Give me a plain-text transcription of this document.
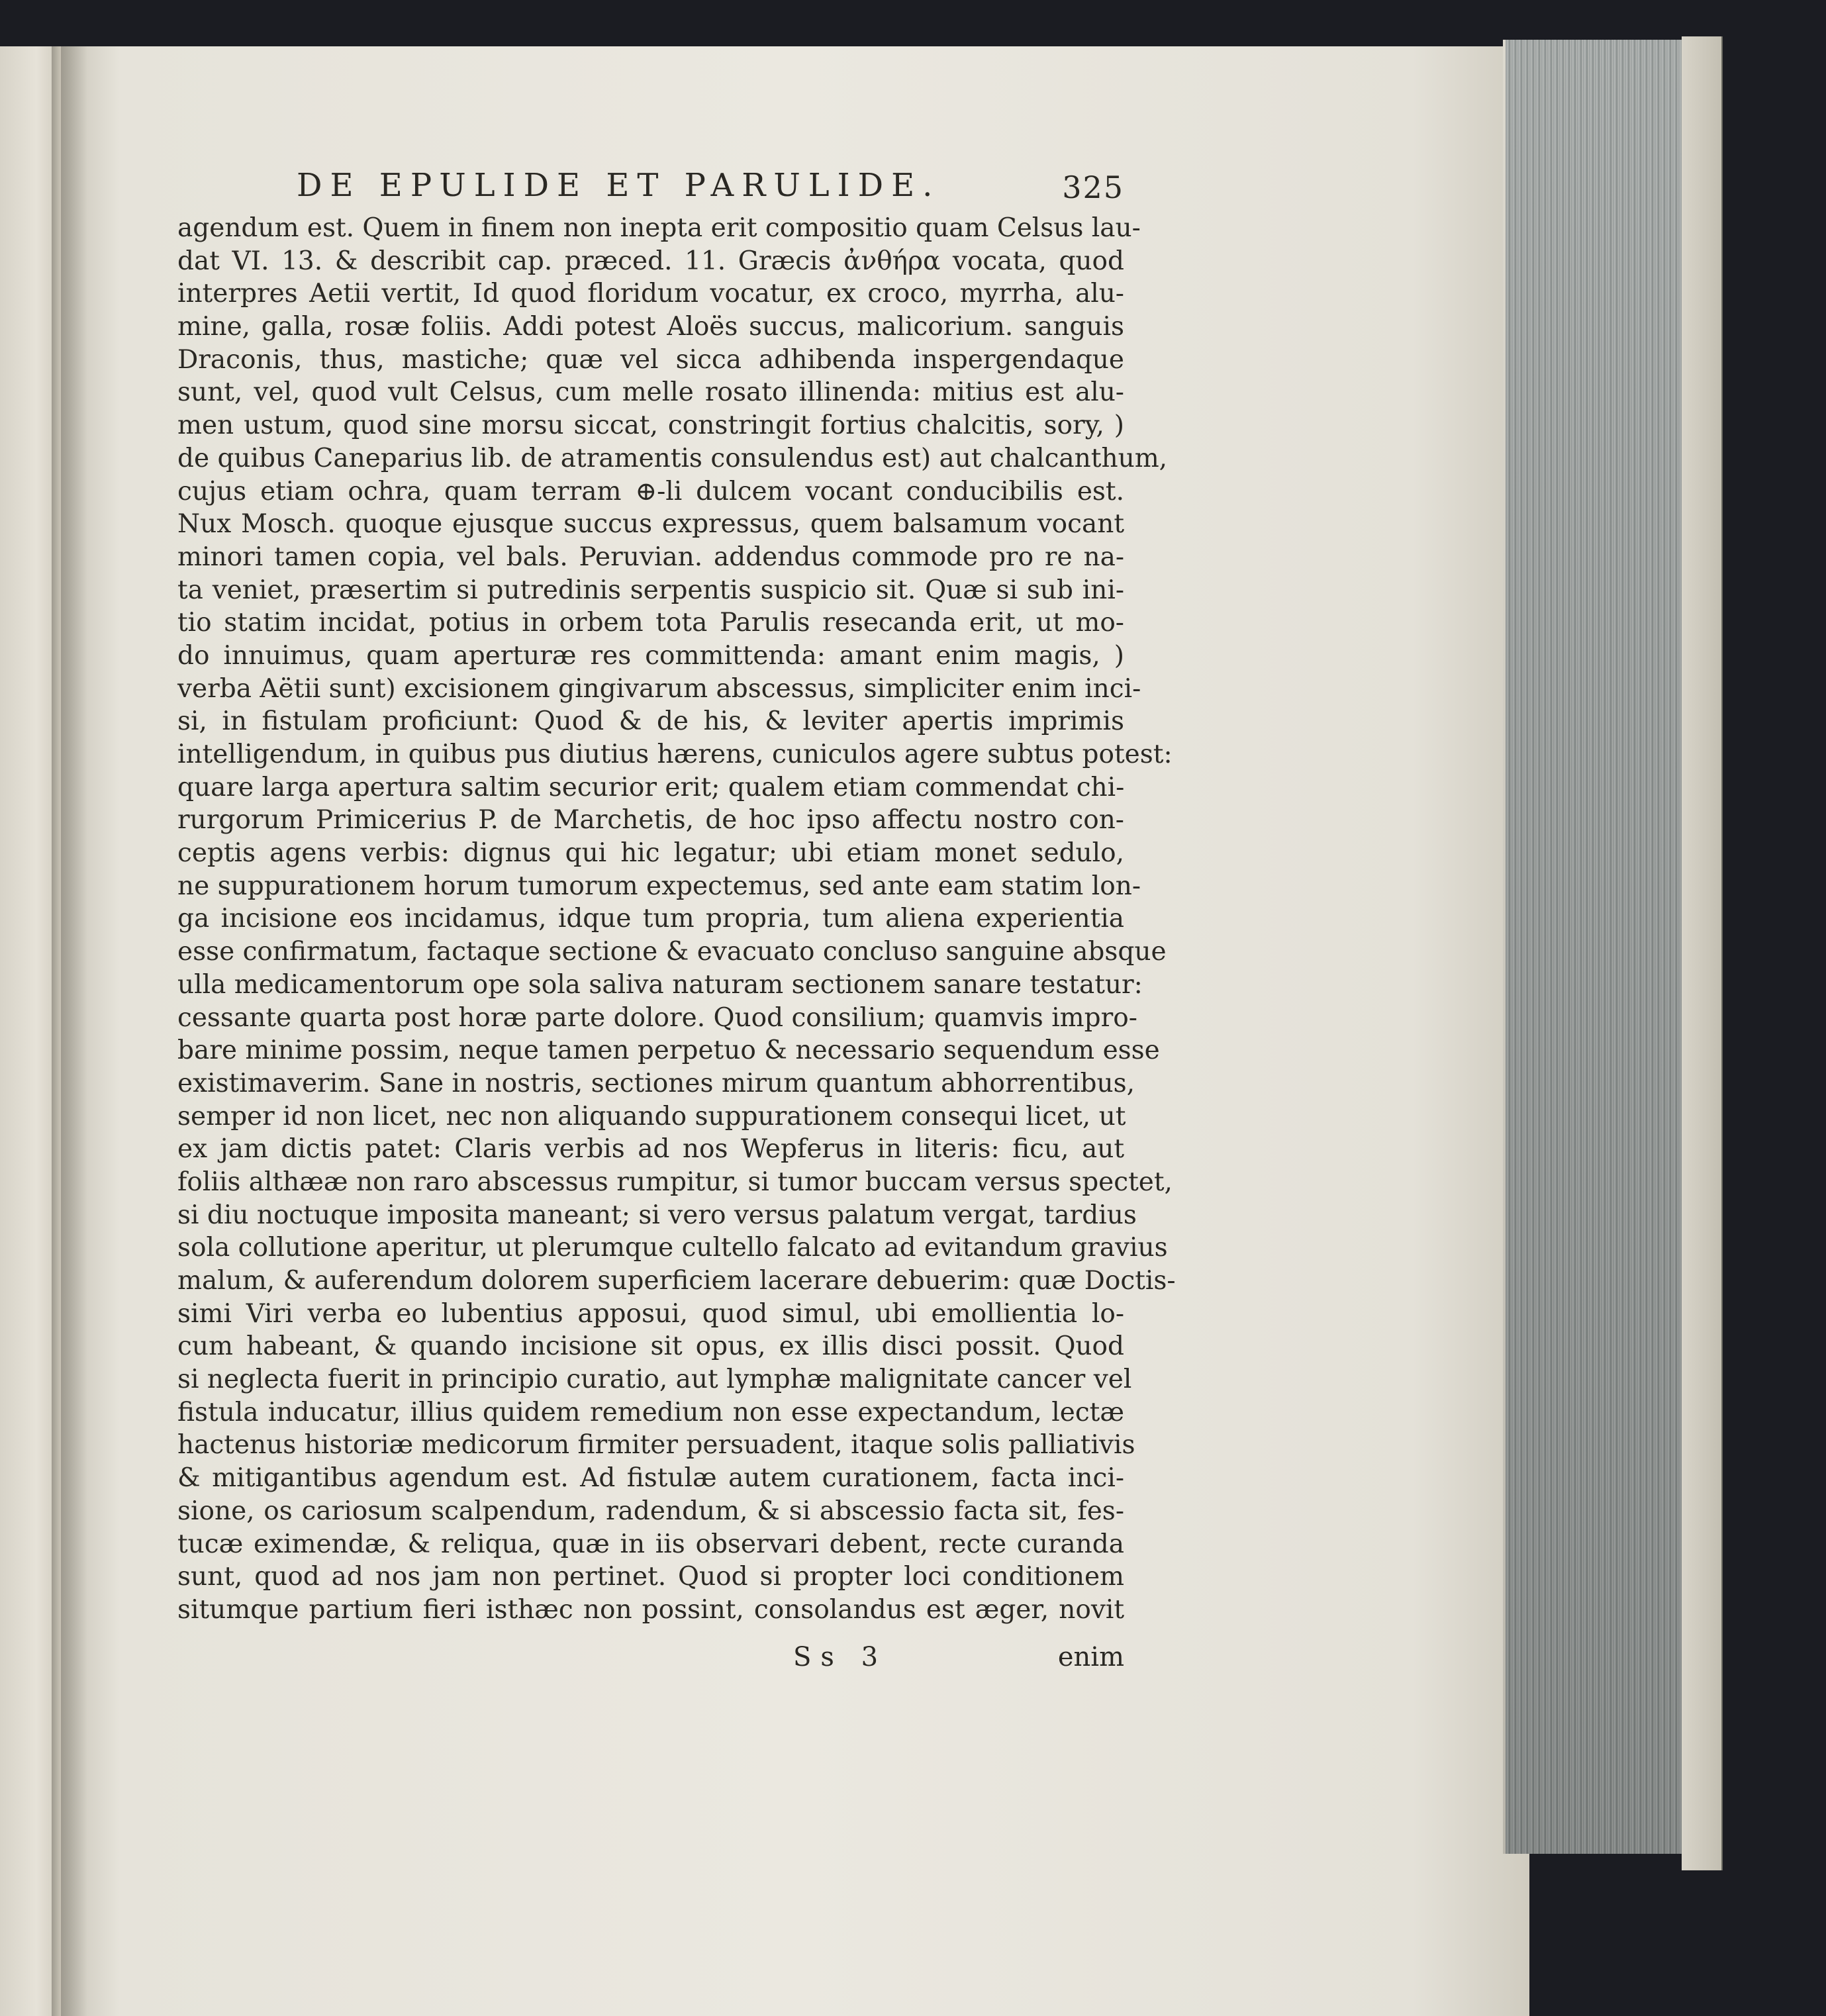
DE EPULIDE ET PARULIDE.	325
agendum est. Quem in finem non inepta erit compositio quam Celsus lau-
dat VI. 13. & describit cap. præced. 11. Græcis ἀνθήρα vocata, quod
interpres Aetii vertit, Id quod floridum vocatur, ex croco, myrrha, alu-
mine, galla, rosæ foliis. Addi potest Aloës succus, malicorium. sanguis
Draconis, thus, mastiche; quæ vel sicca adhibenda inspergendaque
sunt, vel, quod vult Celsus, cum melle rosato illinenda: mitius est alu-
men ustum, quod sine morsu siccat, constringit fortius chalcitis, sory, )
de quibus Caneparius lib. de atramentis consulendus est) aut chalcanthum,
cujus etiam ochra, quam terram ⊕-li dulcem vocant conducibilis est.
Nux Mosch. quoque ejusque succus expressus, quem balsamum vocant
minori tamen copia, vel bals. Peruvian. addendus commode pro re na-
ta veniet, præsertim si putredinis serpentis suspicio sit. Quæ si sub ini-
tio statim incidat, potius in orbem tota Parulis resecanda erit, ut mo-
do innuimus, quam aperturæ res committenda: amant enim magis, )
verba Aëtii sunt) excisionem gingivarum abscessus, simpliciter enim inci-
si, in fistulam proficiunt: Quod & de his, & leviter apertis imprimis
intelligendum, in quibus pus diutius hærens, cuniculos agere subtus potest:
quare larga apertura saltim securior erit; qualem etiam commendat chi-
rurgorum Primicerius P. de Marchetis, de hoc ipso affectu nostro con-
ceptis agens verbis: dignus qui hic legatur; ubi etiam monet sedulo,
ne suppurationem horum tumorum expectemus, sed ante eam statim lon-
ga incisione eos incidamus, idque tum propria, tum aliena experientia
esse confirmatum, factaque sectione & evacuato concluso sanguine absque
ulla medicamentorum ope sola saliva naturam sectionem sanare testatur:
cessante quarta post horæ parte dolore. Quod consilium; quamvis impro-
bare minime possim, neque tamen perpetuo & necessario sequendum esse
existimaverim. Sane in nostris, sectiones mirum quantum abhorrentibus,
semper id non licet, nec non aliquando suppurationem consequi licet, ut
ex jam dictis patet: Claris verbis ad nos Wepferus in literis: ficu, aut
foliis althææ non raro abscessus rumpitur, si tumor buccam versus spectet,
si diu noctuque imposita maneant; si vero versus palatum vergat, tardius
sola collutione aperitur, ut plerumque cultello falcato ad evitandum gravius
malum, & auferendum dolorem superficiem lacerare debuerim: quæ Doctis-
simi Viri verba eo lubentius apposui, quod simul, ubi emollientia lo-
cum habeant, & quando incisione sit opus, ex illis disci possit. Quod
si neglecta fuerit in principio curatio, aut lymphæ malignitate cancer vel
fistula inducatur, illius quidem remedium non esse expectandum, lectæ
hactenus historiæ medicorum firmiter persuadent, itaque solis palliativis
& mitigantibus agendum est. Ad fistulæ autem curationem, facta inci-
sione, os cariosum scalpendum, radendum, & si abscessio facta sit, fes-
tucæ eximendæ, & reliqua, quæ in iis observari debent, recte curanda
sunt, quod ad nos jam non pertinet. Quod si propter loci conditionem
situmque partium fieri isthæc non possint, consolandus est æger, novit
Ss 3	enim
